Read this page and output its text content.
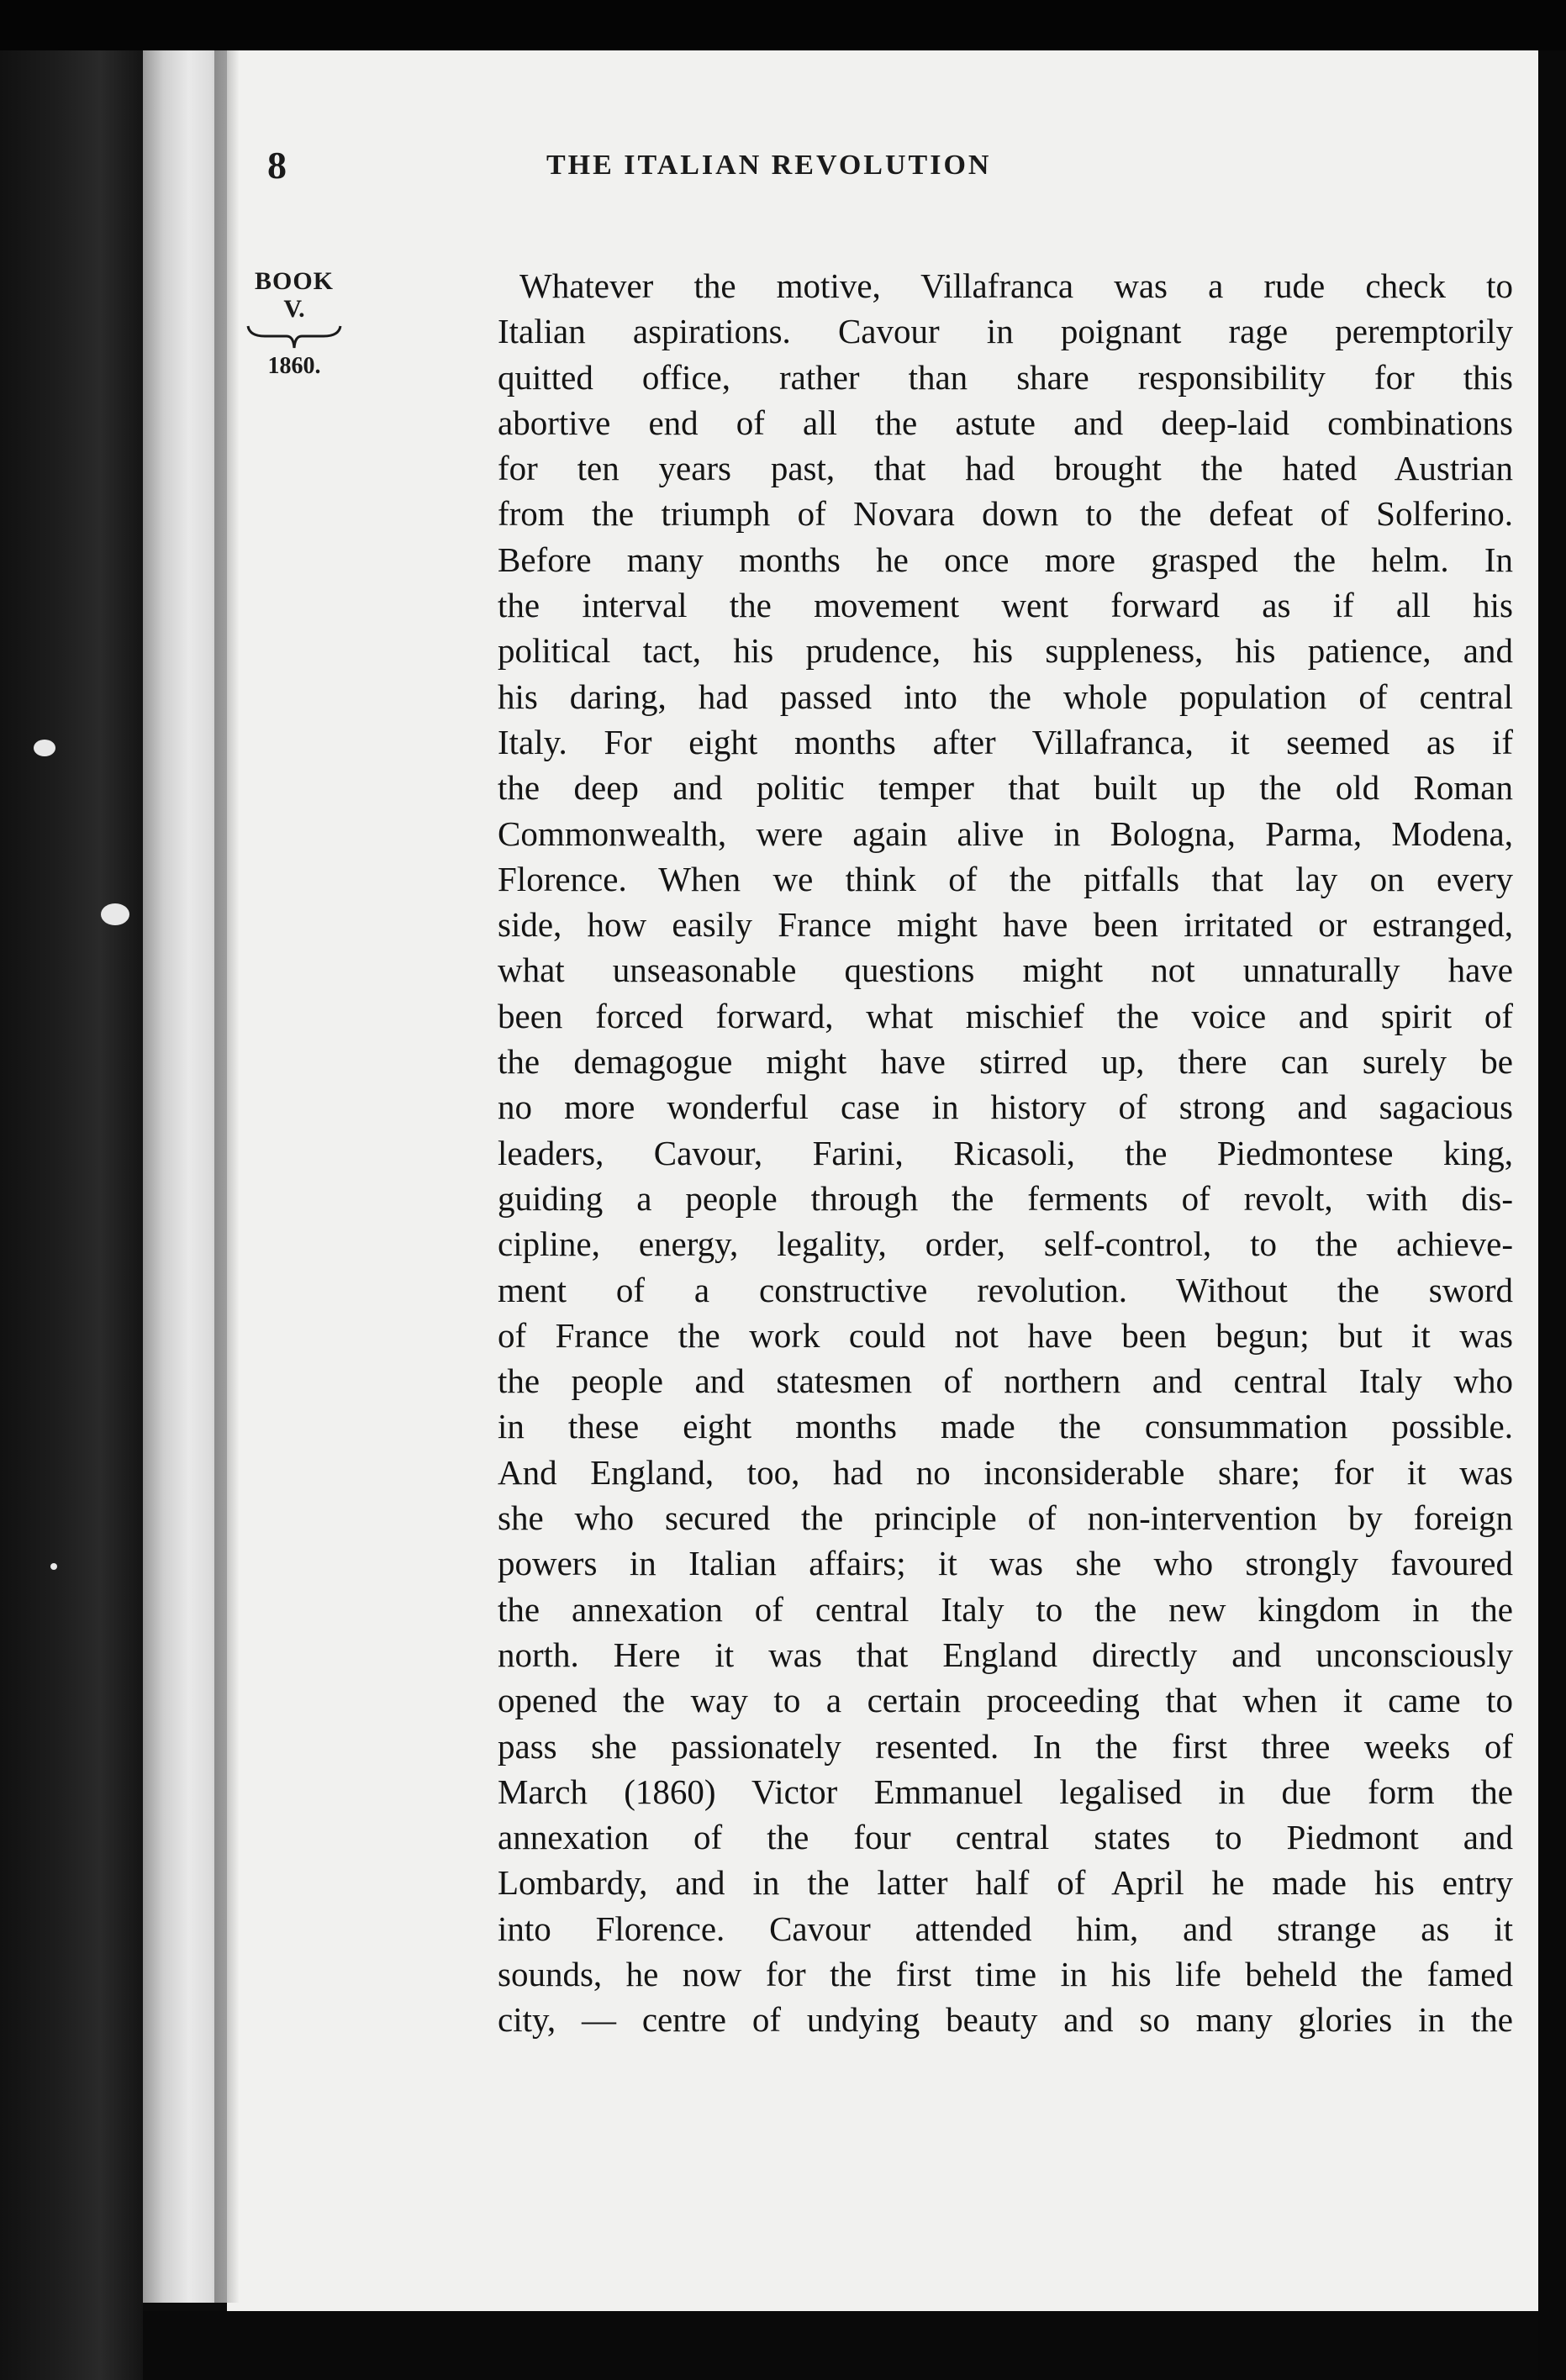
8	THE ITALIAN REVOLUTION
BOOK
V.
1860.
Whatever the motive, Villafranca was a rude check to
Italian aspirations. Cavour in poignant rage peremptorily
quitted office, rather than share responsibility for this
abortive end of all the astute and deep-laid combinations
for ten years past, that had brought the hated Austrian
from the triumph of Novara down to the defeat of Solferino.
Before many months he once more grasped the helm. In
the interval the movement went forward as if all his
political tact, his prudence, his suppleness, his patience, and
his daring, had passed into the whole population of central
Italy. For eight months after Villafranca, it seemed as if
the deep and politic temper that built up the old Roman
Commonwealth, were again alive in Bologna, Parma, Modena,
Florence. When we think of the pitfalls that lay on every
side, how easily France might have been irritated or estranged,
what unseasonable questions might not unnaturally have
been forced forward, what mischief the voice and spirit of
the demagogue might have stirred up, there can surely be
no more wonderful case in history of strong and sagacious
leaders, Cavour, Farini, Ricasoli, the Piedmontese king,
guiding a people through the ferments of revolt, with dis-
cipline, energy, legality, order, self-control, to the achieve-
ment of a constructive revolution. Without the sword
of France the work could not have been begun; but it was
the people and statesmen of northern and central Italy who
in these eight months made the consummation possible.
And England, too, had no inconsiderable share; for it was
she who secured the principle of non-intervention by foreign
powers in Italian affairs; it was she who strongly favoured
the annexation of central Italy to the new kingdom in the
north. Here it was that England directly and unconsciously
opened the way to a certain proceeding that when it came to
pass she passionately resented. In the first three weeks of
March (1860) Victor Emmanuel legalised in due form the
annexation of the four central states to Piedmont and
Lombardy, and in the latter half of April he made his entry
into Florence. Cavour attended him, and strange as it
sounds, he now for the first time in his life beheld the famed
city, — centre of undying beauty and so many glories in the
